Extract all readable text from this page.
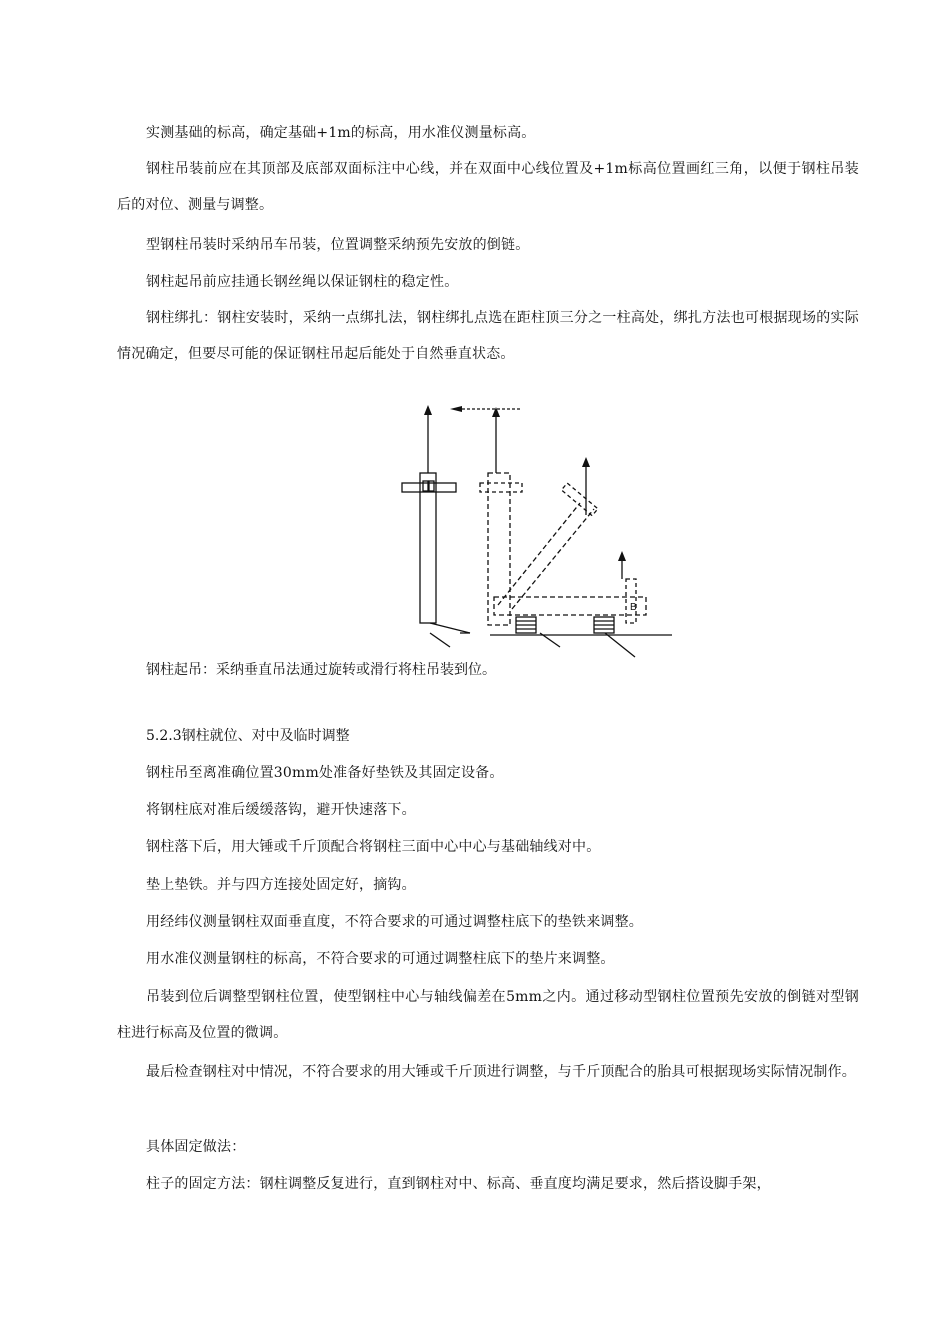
实测基础的标高，确定基础+1m的标高，用水准仪测量标高。

钢柱吊装前应在其顶部及底部双面标注中心线，并在双面中心线位置及+1m标高位置画红三角，以便于钢柱吊装后的对位、测量与调整。

型钢柱吊装时采纳吊车吊装，位置调整采纳预先安放的倒链。

钢柱起吊前应挂通长钢丝绳以保证钢柱的稳定性。

钢柱绑扎：钢柱安装时，采纳一点绑扎法，钢柱绑扎点选在距柱顶三分之一柱高处，绑扎方法也可根据现场的实际情况确定，但要尽可能的保证钢柱吊起后能处于自然垂直状态。

B
钢柱起吊：采纳垂直吊法通过旋转或滑行将柱吊装到位。
5.2.3钢柱就位、对中及临时调整

钢柱吊至离准确位置30mm处准备好垫铁及其固定设备。

将钢柱底对准后缓缓落钩，避开快速落下。

钢柱落下后，用大锤或千斤顶配合将钢柱三面中心中心与基础轴线对中。

垫上垫铁。并与四方连接处固定好，摘钩。

用经纬仪测量钢柱双面垂直度，不符合要求的可通过调整柱底下的垫铁来调整。

用水准仪测量钢柱的标高，不符合要求的可通过调整柱底下的垫片来调整。

吊装到位后调整型钢柱位置，使型钢柱中心与轴线偏差在5mm之内。通过移动型钢柱位置预先安放的倒链对型钢柱进行标高及位置的微调。

最后检查钢柱对中情况，不符合要求的用大锤或千斤顶进行调整，与千斤顶配合的胎具可根据现场实际情况制作。

具体固定做法：

柱子的固定方法：钢柱调整反复进行，直到钢柱对中、标高、垂直度均满足要求，然后搭设脚手架，
